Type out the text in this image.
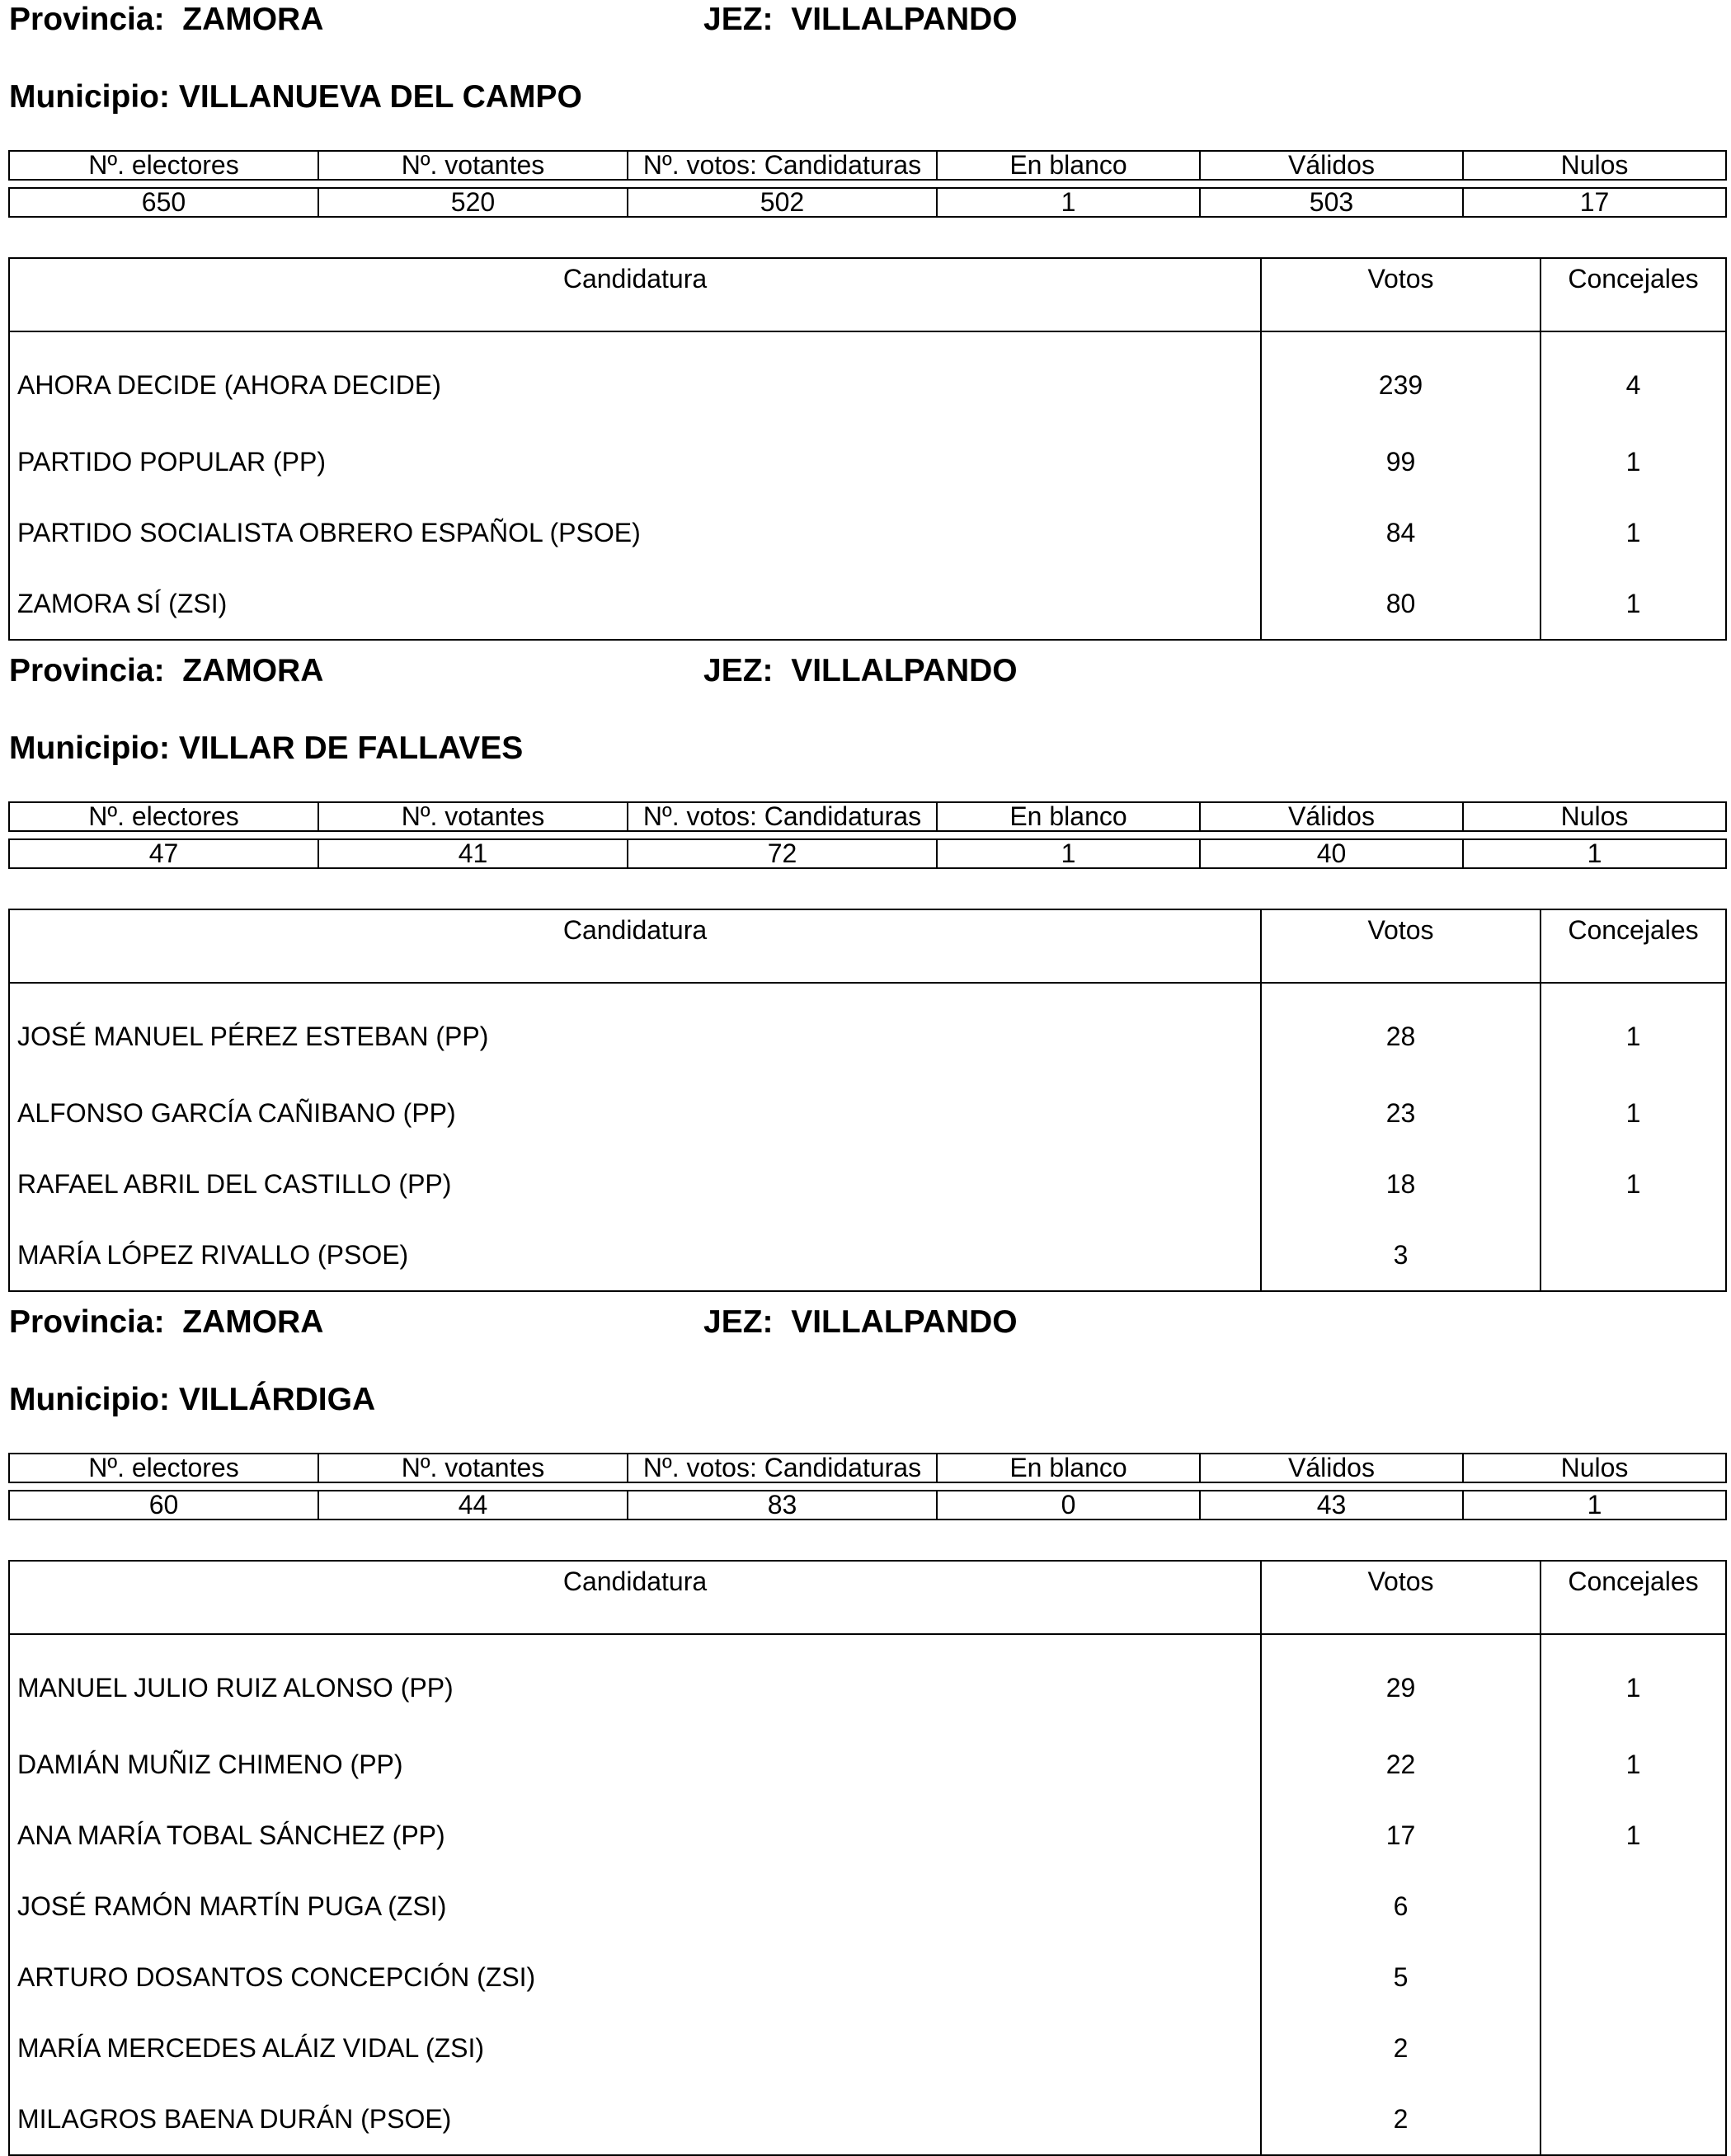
Provincia: ZAMORA	JEZ: VILLALPANDO
Municipio: VILLANUEVA DEL CAMPO
Nº. electores	Nº. votantes	Nº. votos: Candidaturas	En blanco	Válidos	Nulos

650	520	502	1	503	17
Candidatura	Votos	Concejales
AHORA DECIDE (AHORA DECIDE)	239	4
PARTIDO POPULAR (PP)	99	1
PARTIDO SOCIALISTA OBRERO ESPAÑOL (PSOE)	84	1
ZAMORA SÍ (ZSI)	80	1
Provincia: ZAMORA	JEZ: VILLALPANDO
Municipio: VILLAR DE FALLAVES
Nº. electores	Nº. votantes	Nº. votos: Candidaturas	En blanco	Válidos	Nulos

47	41	72	1	40	1
Candidatura	Votos	Concejales
JOSÉ MANUEL PÉREZ ESTEBAN (PP)	28	1
ALFONSO GARCÍA CAÑIBANO (PP)	23	1
RAFAEL ABRIL DEL CASTILLO (PP)	18	1
MARÍA LÓPEZ RIVALLO (PSOE)	3	
Provincia: ZAMORA	JEZ: VILLALPANDO
Municipio: VILLÁRDIGA
Nº. electores	Nº. votantes	Nº. votos: Candidaturas	En blanco	Válidos	Nulos

60	44	83	0	43	1
Candidatura	Votos	Concejales
MANUEL JULIO RUIZ ALONSO (PP)	29	1
DAMIÁN MUÑIZ CHIMENO (PP)	22	1
ANA MARÍA TOBAL SÁNCHEZ (PP)	17	1
JOSÉ RAMÓN MARTÍN PUGA (ZSI)	6	
ARTURO DOSANTOS CONCEPCIÓN (ZSI)	5	
MARÍA MERCEDES ALÁIZ VIDAL (ZSI)	2	
MILAGROS BAENA DURÁN (PSOE)	2	
